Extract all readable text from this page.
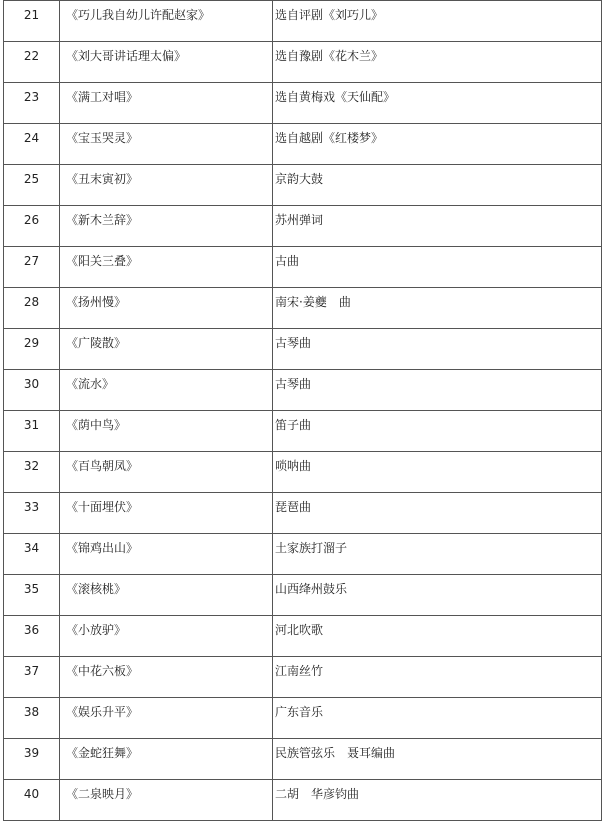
21	《巧儿我自幼儿许配赵家》	选自评剧《刘巧儿》

22	《刘大哥讲话理太偏》	选自豫剧《花木兰》

23	《满工对唱》	选自黄梅戏《天仙配》

24	《宝玉哭灵》	选自越剧《红楼梦》

25	《丑末寅初》	京韵大鼓

26	《新木兰辞》	苏州弹词

27	《阳关三叠》	古曲

28	《扬州慢》	南宋·姜夔　曲

29	《广陵散》	古琴曲

30	《流水》	古琴曲

31	《荫中鸟》	笛子曲

32	《百鸟朝凤》	唢呐曲

33	《十面埋伏》	琵琶曲

34	《锦鸡出山》	土家族打溜子

35	《滚核桃》	山西绛州鼓乐

36	《小放驴》	河北吹歌

37	《中花六板》	江南丝竹

38	《娱乐升平》	广东音乐

39	《金蛇狂舞》	民族管弦乐　聂耳编曲

40	《二泉映月》	二胡　华彦钧曲
